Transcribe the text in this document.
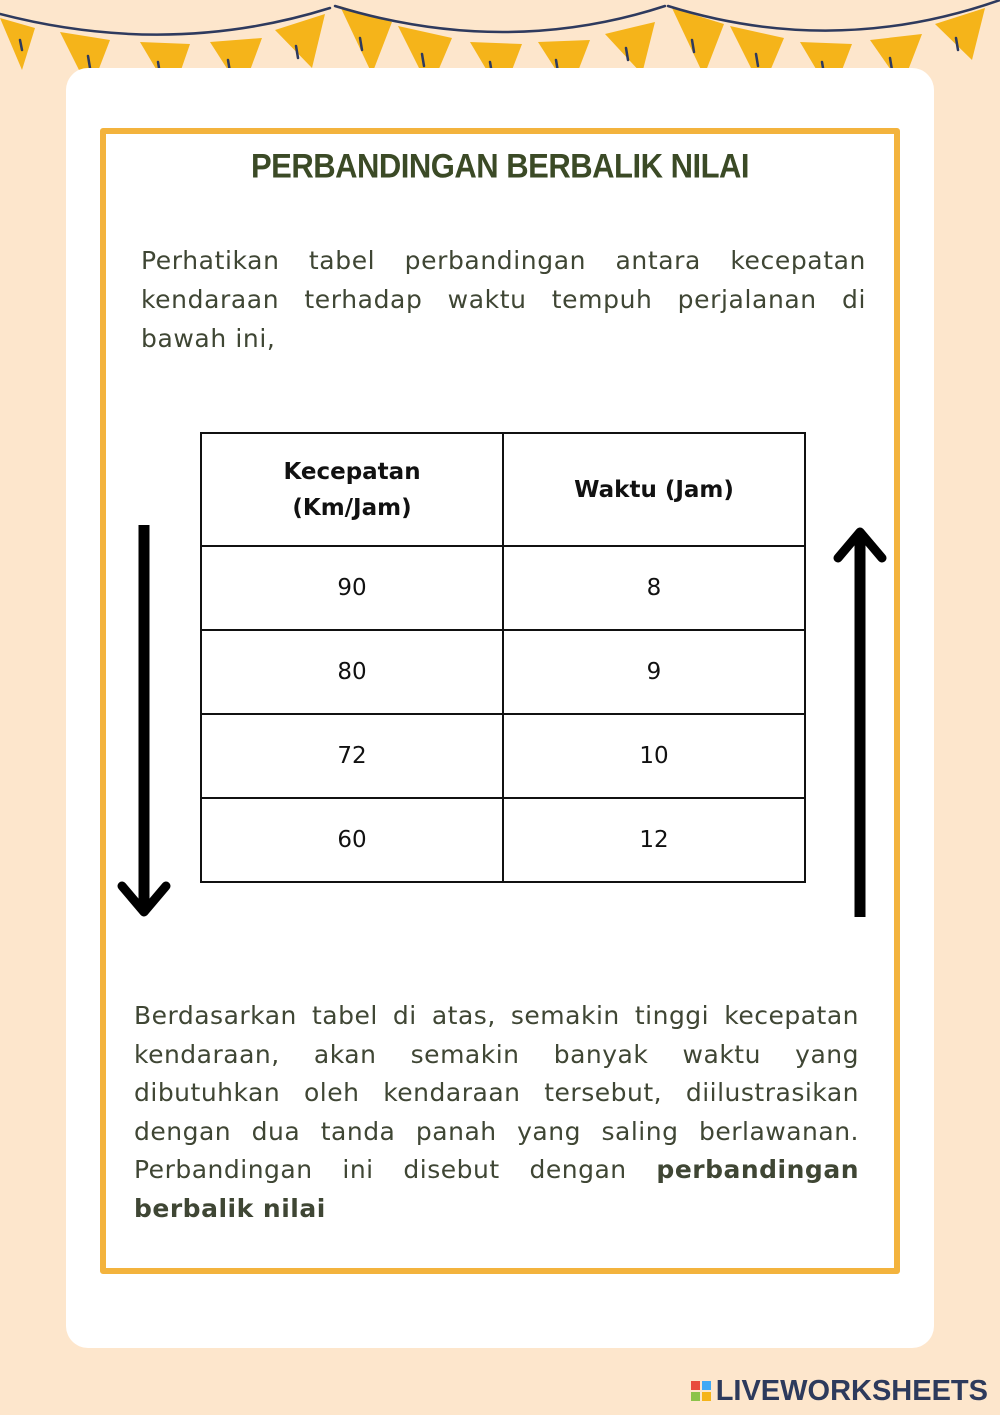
PERBANDINGAN BERBALIK NILAI
Perhatikan tabel perbandingan antara kecepatan kendaraan terhadap waktu tempuh perjalanan di bawah ini,
Kecepatan (Km/Jam)	Waktu (Jam)
90	8
80	9
72	10
60	12
Berdasarkan tabel di atas, semakin tinggi kecepatan kendaraan, akan semakin banyak waktu yang dibutuhkan oleh kendaraan tersebut, diilustrasikan dengan dua tanda panah yang saling berlawanan. Perbandingan ini disebut dengan perbandingan berbalik nilai
LIVEWORKSHEETS
